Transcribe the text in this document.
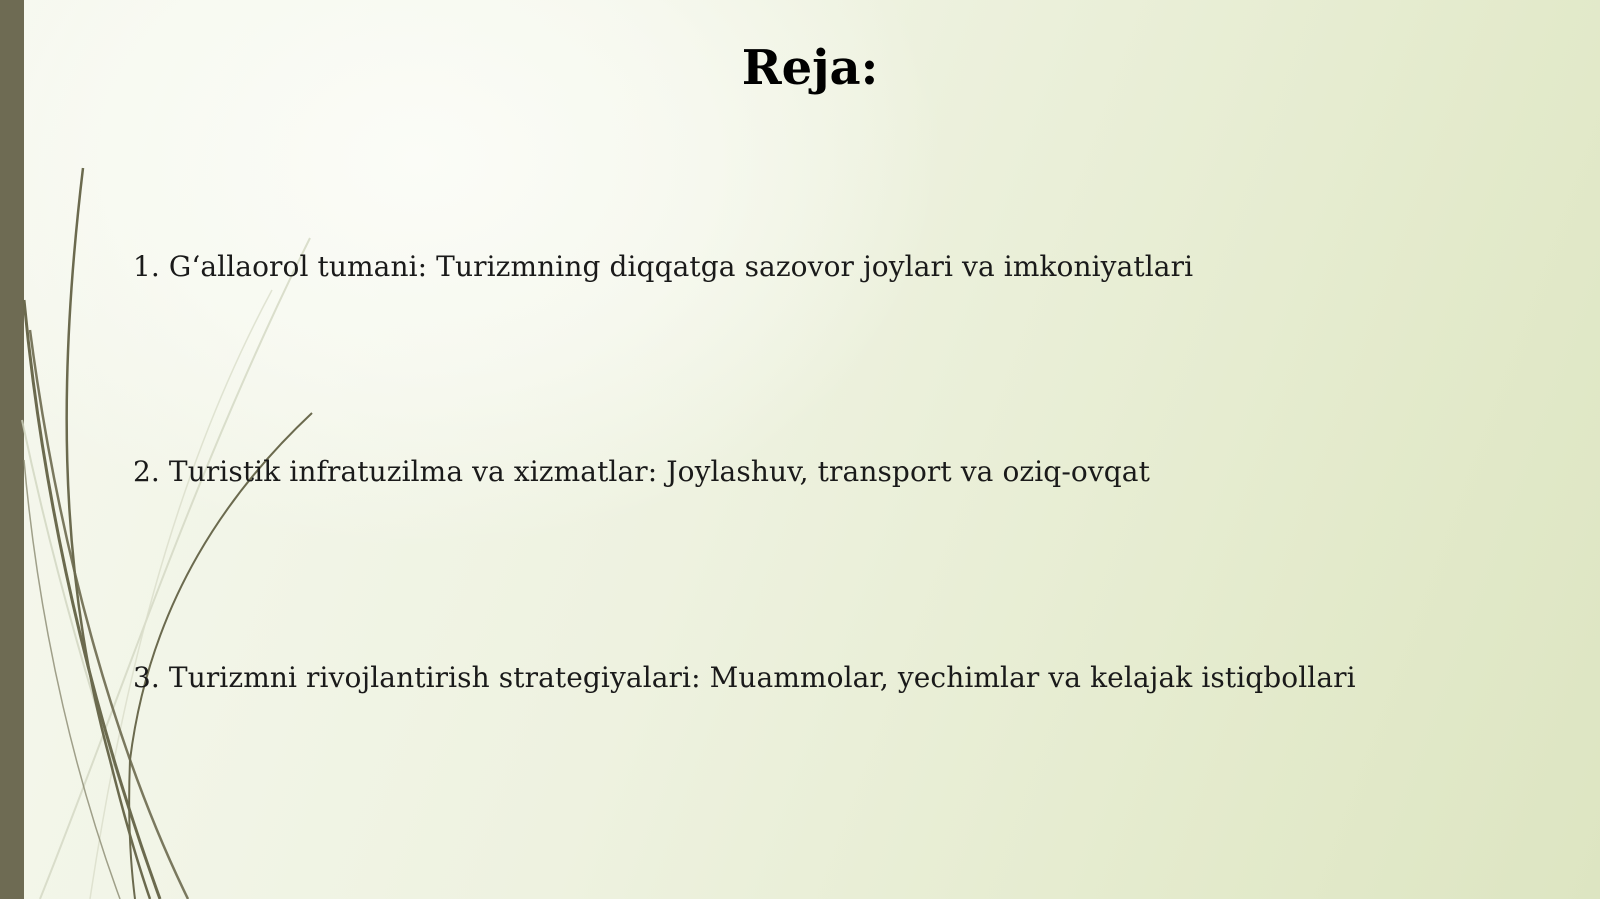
Reja:
1. G‘allaorol tumani: Turizmning diqqatga sazovor joylari va imkoniyatlari
2. Turistik infratuzilma va xizmatlar: Joylashuv, transport va oziq-ovqat
3. Turizmni rivojlantirish strategiyalari: Muammolar, yechimlar va kelajak istiqbollari
